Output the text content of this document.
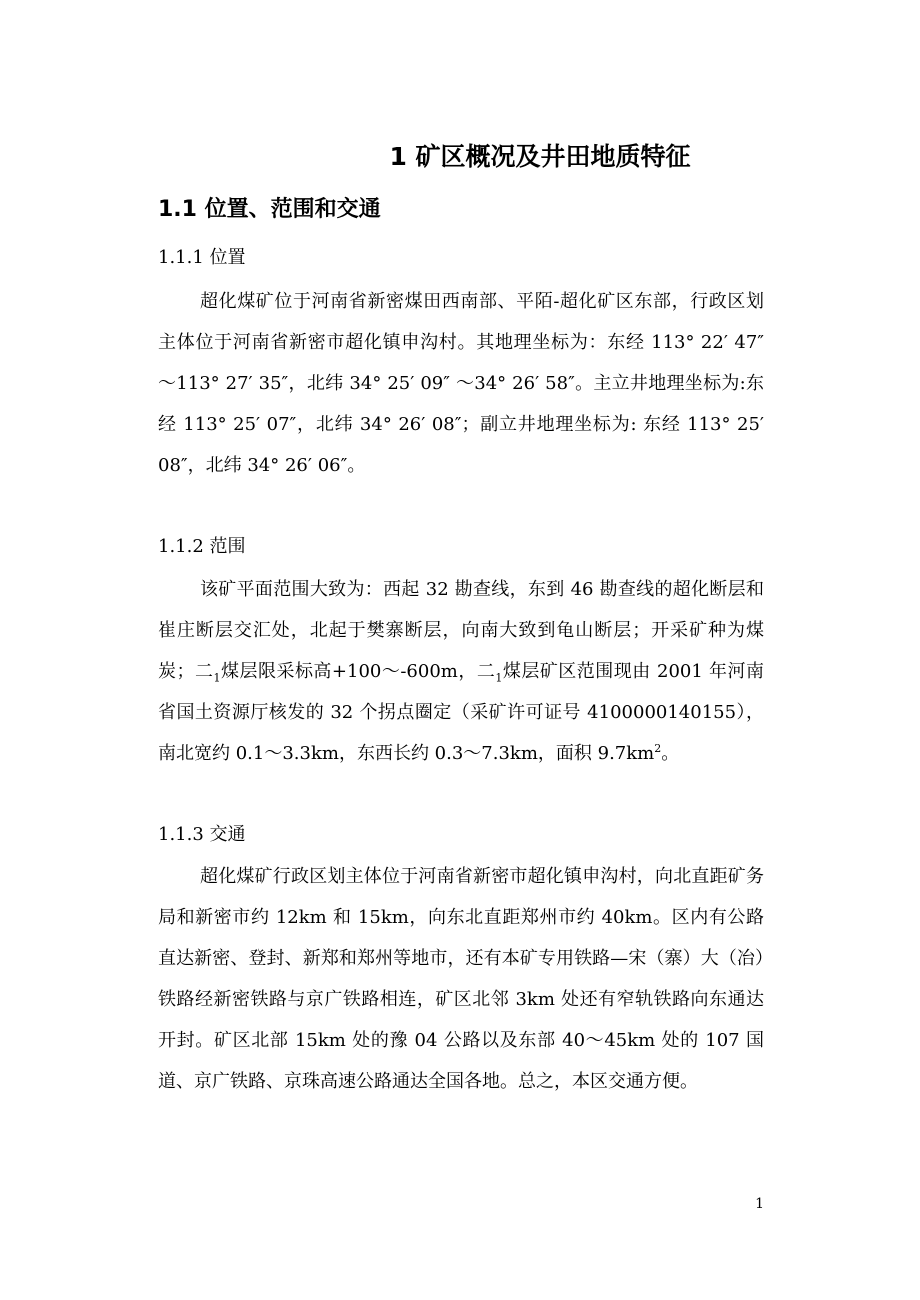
1 矿区概况及井田地质特征
1.1 位置、范围和交通
1.1.1 位置

超化煤矿位于河南省新密煤田西南部、平陌-超化矿区东部，行政区划主体位于河南省新密市超化镇申沟村。其地理坐标为：东经 113° 22′ 47″ ～113° 27′ 35″，北纬 34° 25′ 09″ ～34° 26′ 58″。主立井地理坐标为:东经 113° 25′ 07″，北纬 34° 26′ 08″；副立井地理坐标为: 东经 113° 25′ 08″，北纬 34° 26′ 06″。

1.1.2 范围

该矿平面范围大致为：西起 32 勘查线，东到 46 勘查线的超化断层和崔庄断层交汇处，北起于樊寨断层，向南大致到龟山断层；开采矿种为煤炭；二$_1$煤层限采标高+100～-600m，二$_1$煤层矿区范围现由 2001 年河南省国土资源厅核发的 32 个拐点圈定（采矿许可证号 4100000140155），南北宽约 0.1～3.3km，东西长约 0.3～7.3km，面积 $9.7km^2$。

1.1.3 交通

超化煤矿行政区划主体位于河南省新密市超化镇申沟村，向北直距矿务局和新密市约 12km 和 15km，向东北直距郑州市约 40km。区内有公路直达新密、登封、新郑和郑州等地市，还有本矿专用铁路—宋（寨）大（冶）铁路经新密铁路与京广铁路相连，矿区北邻 3km 处还有窄轨铁路向东通达开封。矿区北部 15km 处的豫 04 公路以及东部 40～45km 处的 107 国道、京广铁路、京珠高速公路通达全国各地。总之，本区交通方便。

1
